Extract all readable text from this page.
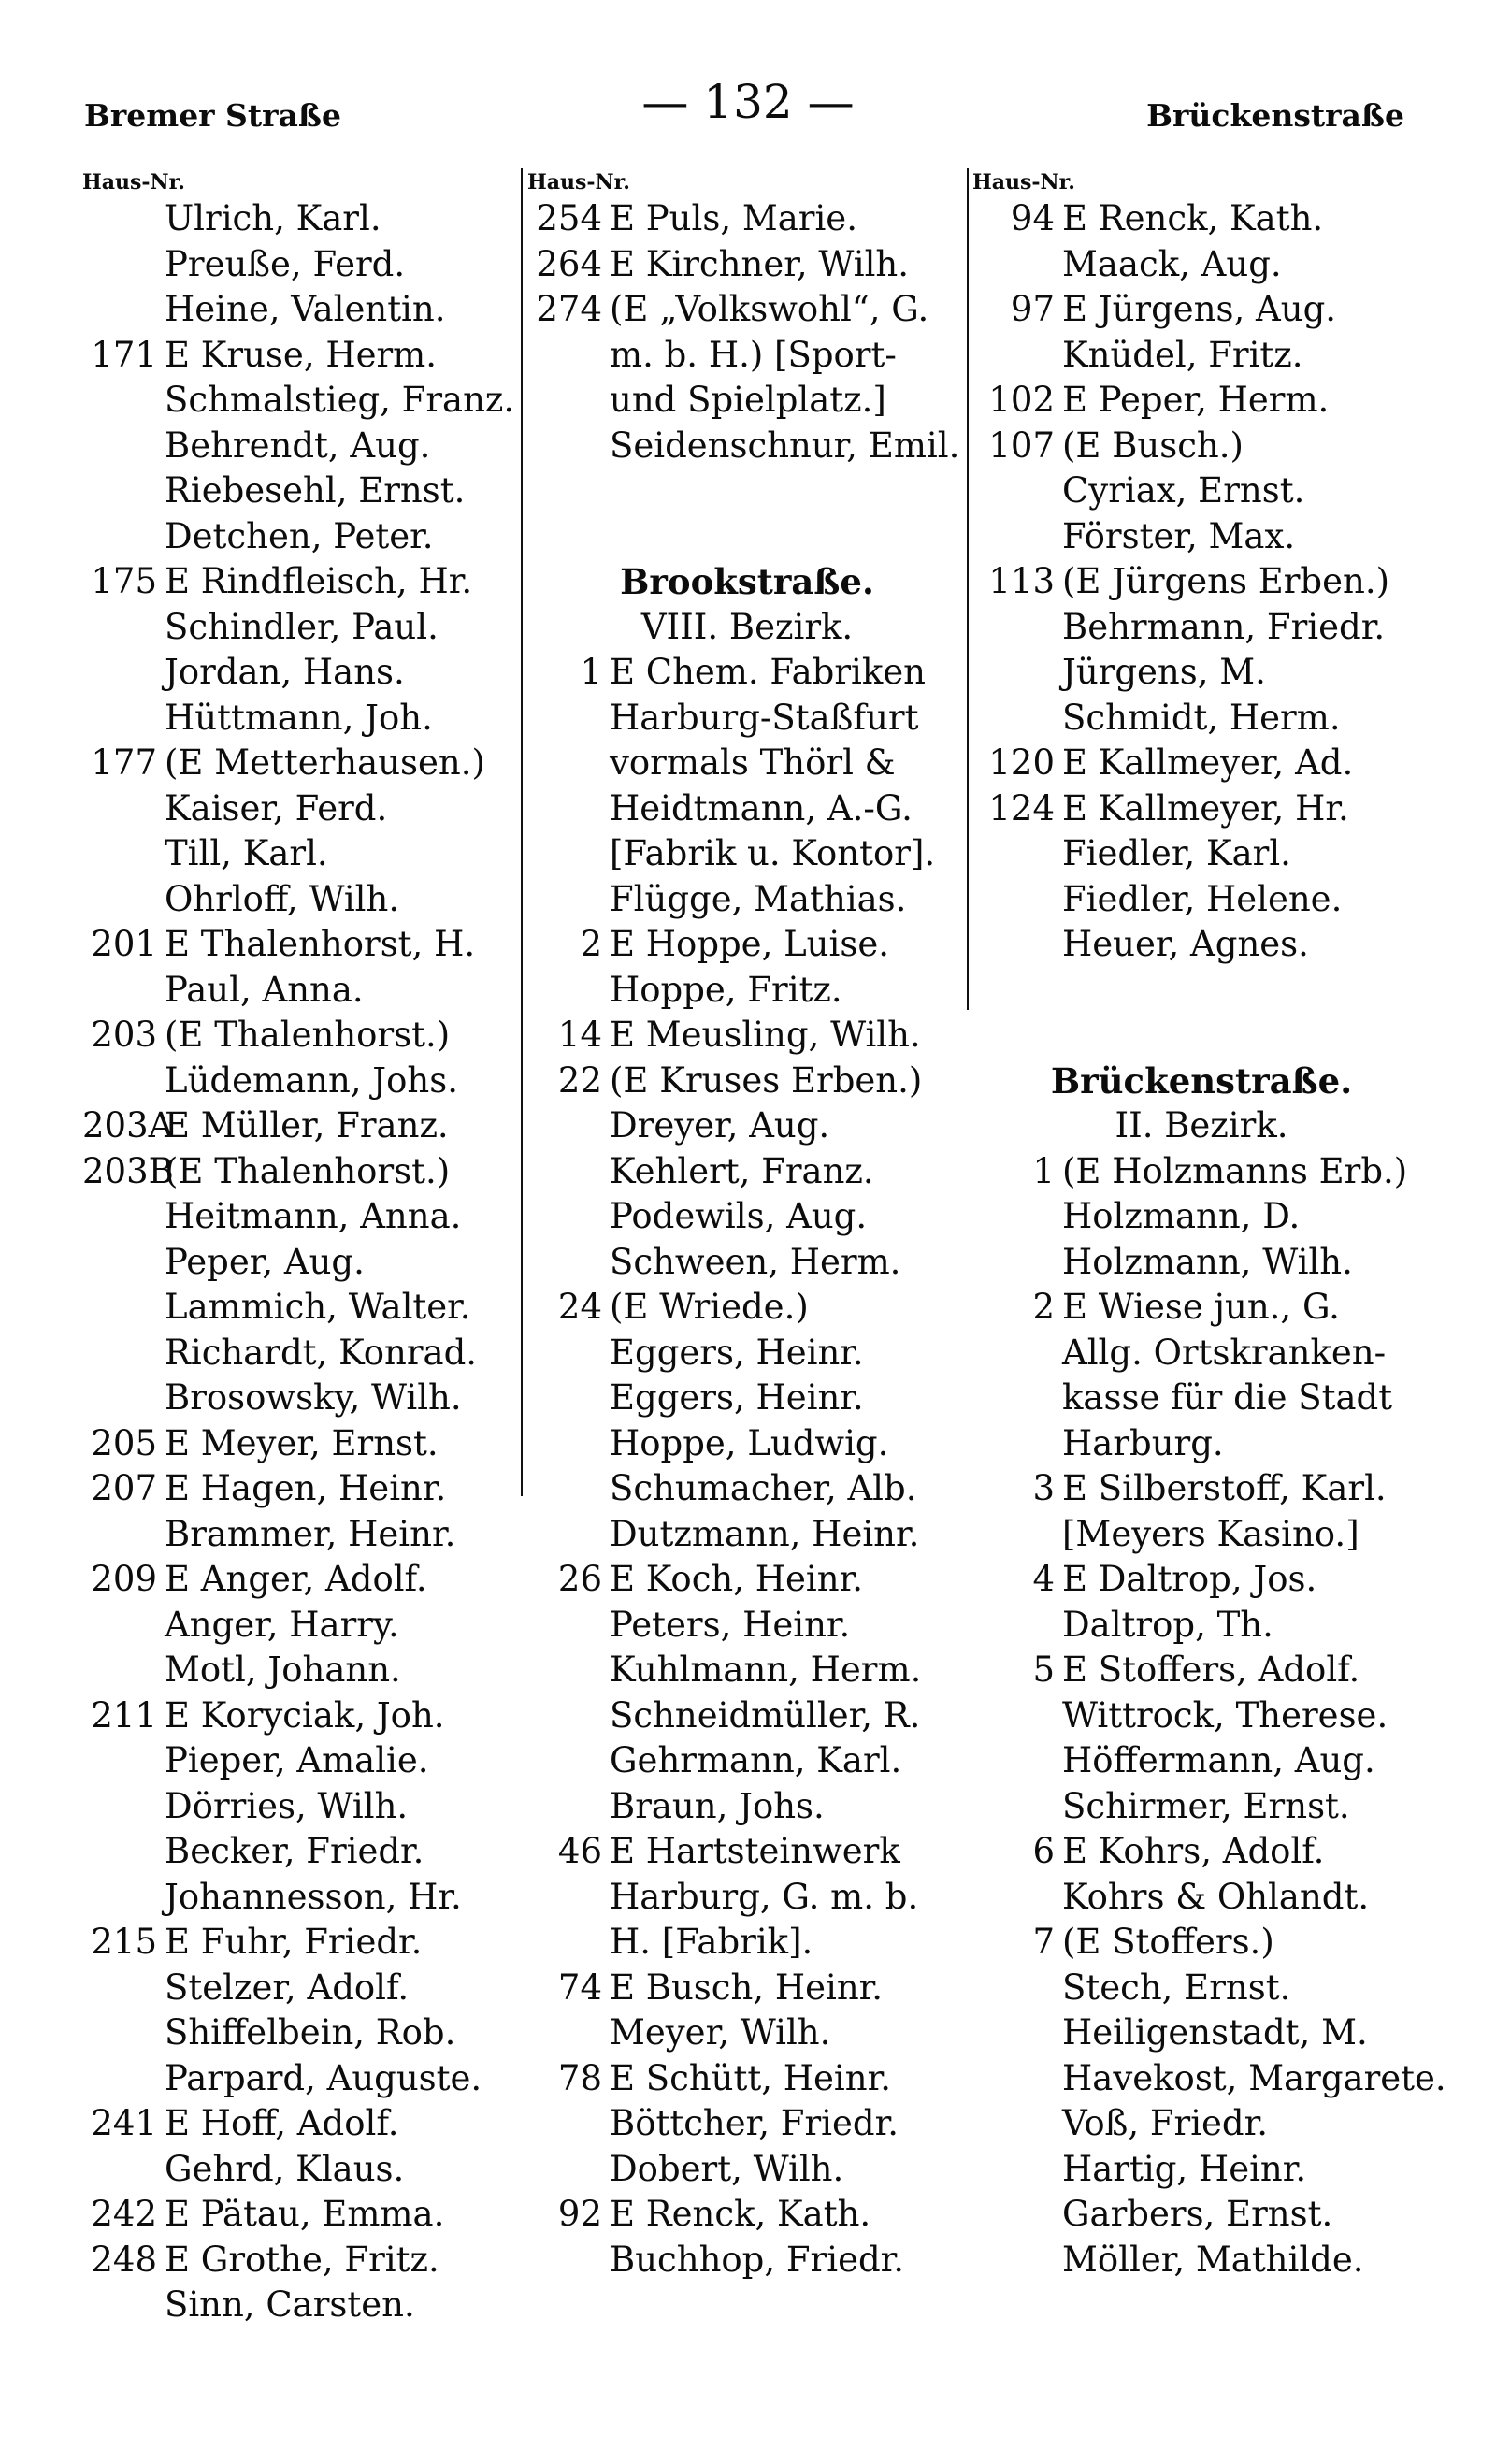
Bremer Straße	— 132 —	Brückenstraße
Haus-Nr.
Ulrich, Karl.
Preuße, Ferd.
Heine, Valentin.
171 E Kruse, Herm.
Schmalstieg, Franz.
Behrendt, Aug.
Riebesehl, Ernst.
Detchen, Peter.
175 E Rindfleisch, Hr.
Schindler, Paul.
Jordan, Hans.
Hüttmann, Joh.
177 (E Metterhausen.)
Kaiser, Ferd.
Till, Karl.
Ohrloff, Wilh.
201 E Thalenhorst, H.
Paul, Anna.
203 (E Thalenhorst.)
Lüdemann, Johs.
203AE Müller, Franz.
203B(E Thalenhorst.)
Heitmann, Anna.
Peper, Aug.
Lammich, Walter.
Richardt, Konrad.
Brosowsky, Wilh.
205 E Meyer, Ernst.
207 E Hagen, Heinr.
Brammer, Heinr.
209 E Anger, Adolf.
Anger, Harry.
Motl, Johann.
211 E Koryciak, Joh.
Pieper, Amalie.
Dörries, Wilh.
Becker, Friedr.
Johannesson, Hr.
215 E Fuhr, Friedr.
Stelzer, Adolf.
Shiffelbein, Rob.
Parpard, Auguste.
241 E Hoff, Adolf.
Gehrd, Klaus.
242 E Pätau, Emma.
248 E Grothe, Fritz.
Sinn, Carsten.
Haus-Nr.
254 E Puls, Marie.
264 E Kirchner, Wilh.
274 (E „Volkswohl“, G.
m. b. H.) [Sport-
und Spielplatz.]
Seidenschnur, Emil.
Brookstraße.
VIII. Bezirk.
1 E Chem. Fabriken
Harburg-Staßfurt
vormals Thörl &
Heidtmann, A.-G.
[Fabrik u. Kontor].
Flügge, Mathias.
2 E Hoppe, Luise.
Hoppe, Fritz.
14 E Meusling, Wilh.
22 (E Kruses Erben.)
Dreyer, Aug.
Kehlert, Franz.
Podewils, Aug.
Schween, Herm.
24 (E Wriede.)
Eggers, Heinr.
Eggers, Heinr.
Hoppe, Ludwig.
Schumacher, Alb.
Dutzmann, Heinr.
26 E Koch, Heinr.
Peters, Heinr.
Kuhlmann, Herm.
Schneidmüller, R.
Gehrmann, Karl.
Braun, Johs.
46 E Hartsteinwerk
Harburg, G. m. b.
H. [Fabrik].
74 E Busch, Heinr.
Meyer, Wilh.
78 E Schütt, Heinr.
Böttcher, Friedr.
Dobert, Wilh.
92 E Renck, Kath.
Buchhop, Friedr.
Haus-Nr.
94 E Renck, Kath.
Maack, Aug.
97 E Jürgens, Aug.
Knüdel, Fritz.
102 E Peper, Herm.
107 (E Busch.)
Cyriax, Ernst.
Förster, Max.
113 (E Jürgens Erben.)
Behrmann, Friedr.
Jürgens, M.
Schmidt, Herm.
120 E Kallmeyer, Ad.
124 E Kallmeyer, Hr.
Fiedler, Karl.
Fiedler, Helene.
Heuer, Agnes.
Brückenstraße.
II. Bezirk.
1 (E Holzmanns Erb.)
Holzmann, D.
Holzmann, Wilh.
2 E Wiese jun., G.
Allg. Ortskranken-
kasse für die Stadt
Harburg.
3 E Silberstoff, Karl.
[Meyers Kasino.]
4 E Daltrop, Jos.
Daltrop, Th.
5 E Stoffers, Adolf.
Wittrock, Therese.
Höffermann, Aug.
Schirmer, Ernst.
6 E Kohrs, Adolf.
Kohrs & Ohlandt.
7 (E Stoffers.)
Stech, Ernst.
Heiligenstadt, M.
Havekost, Margarete.
Voß, Friedr.
Hartig, Heinr.
Garbers, Ernst.
Möller, Mathilde.
